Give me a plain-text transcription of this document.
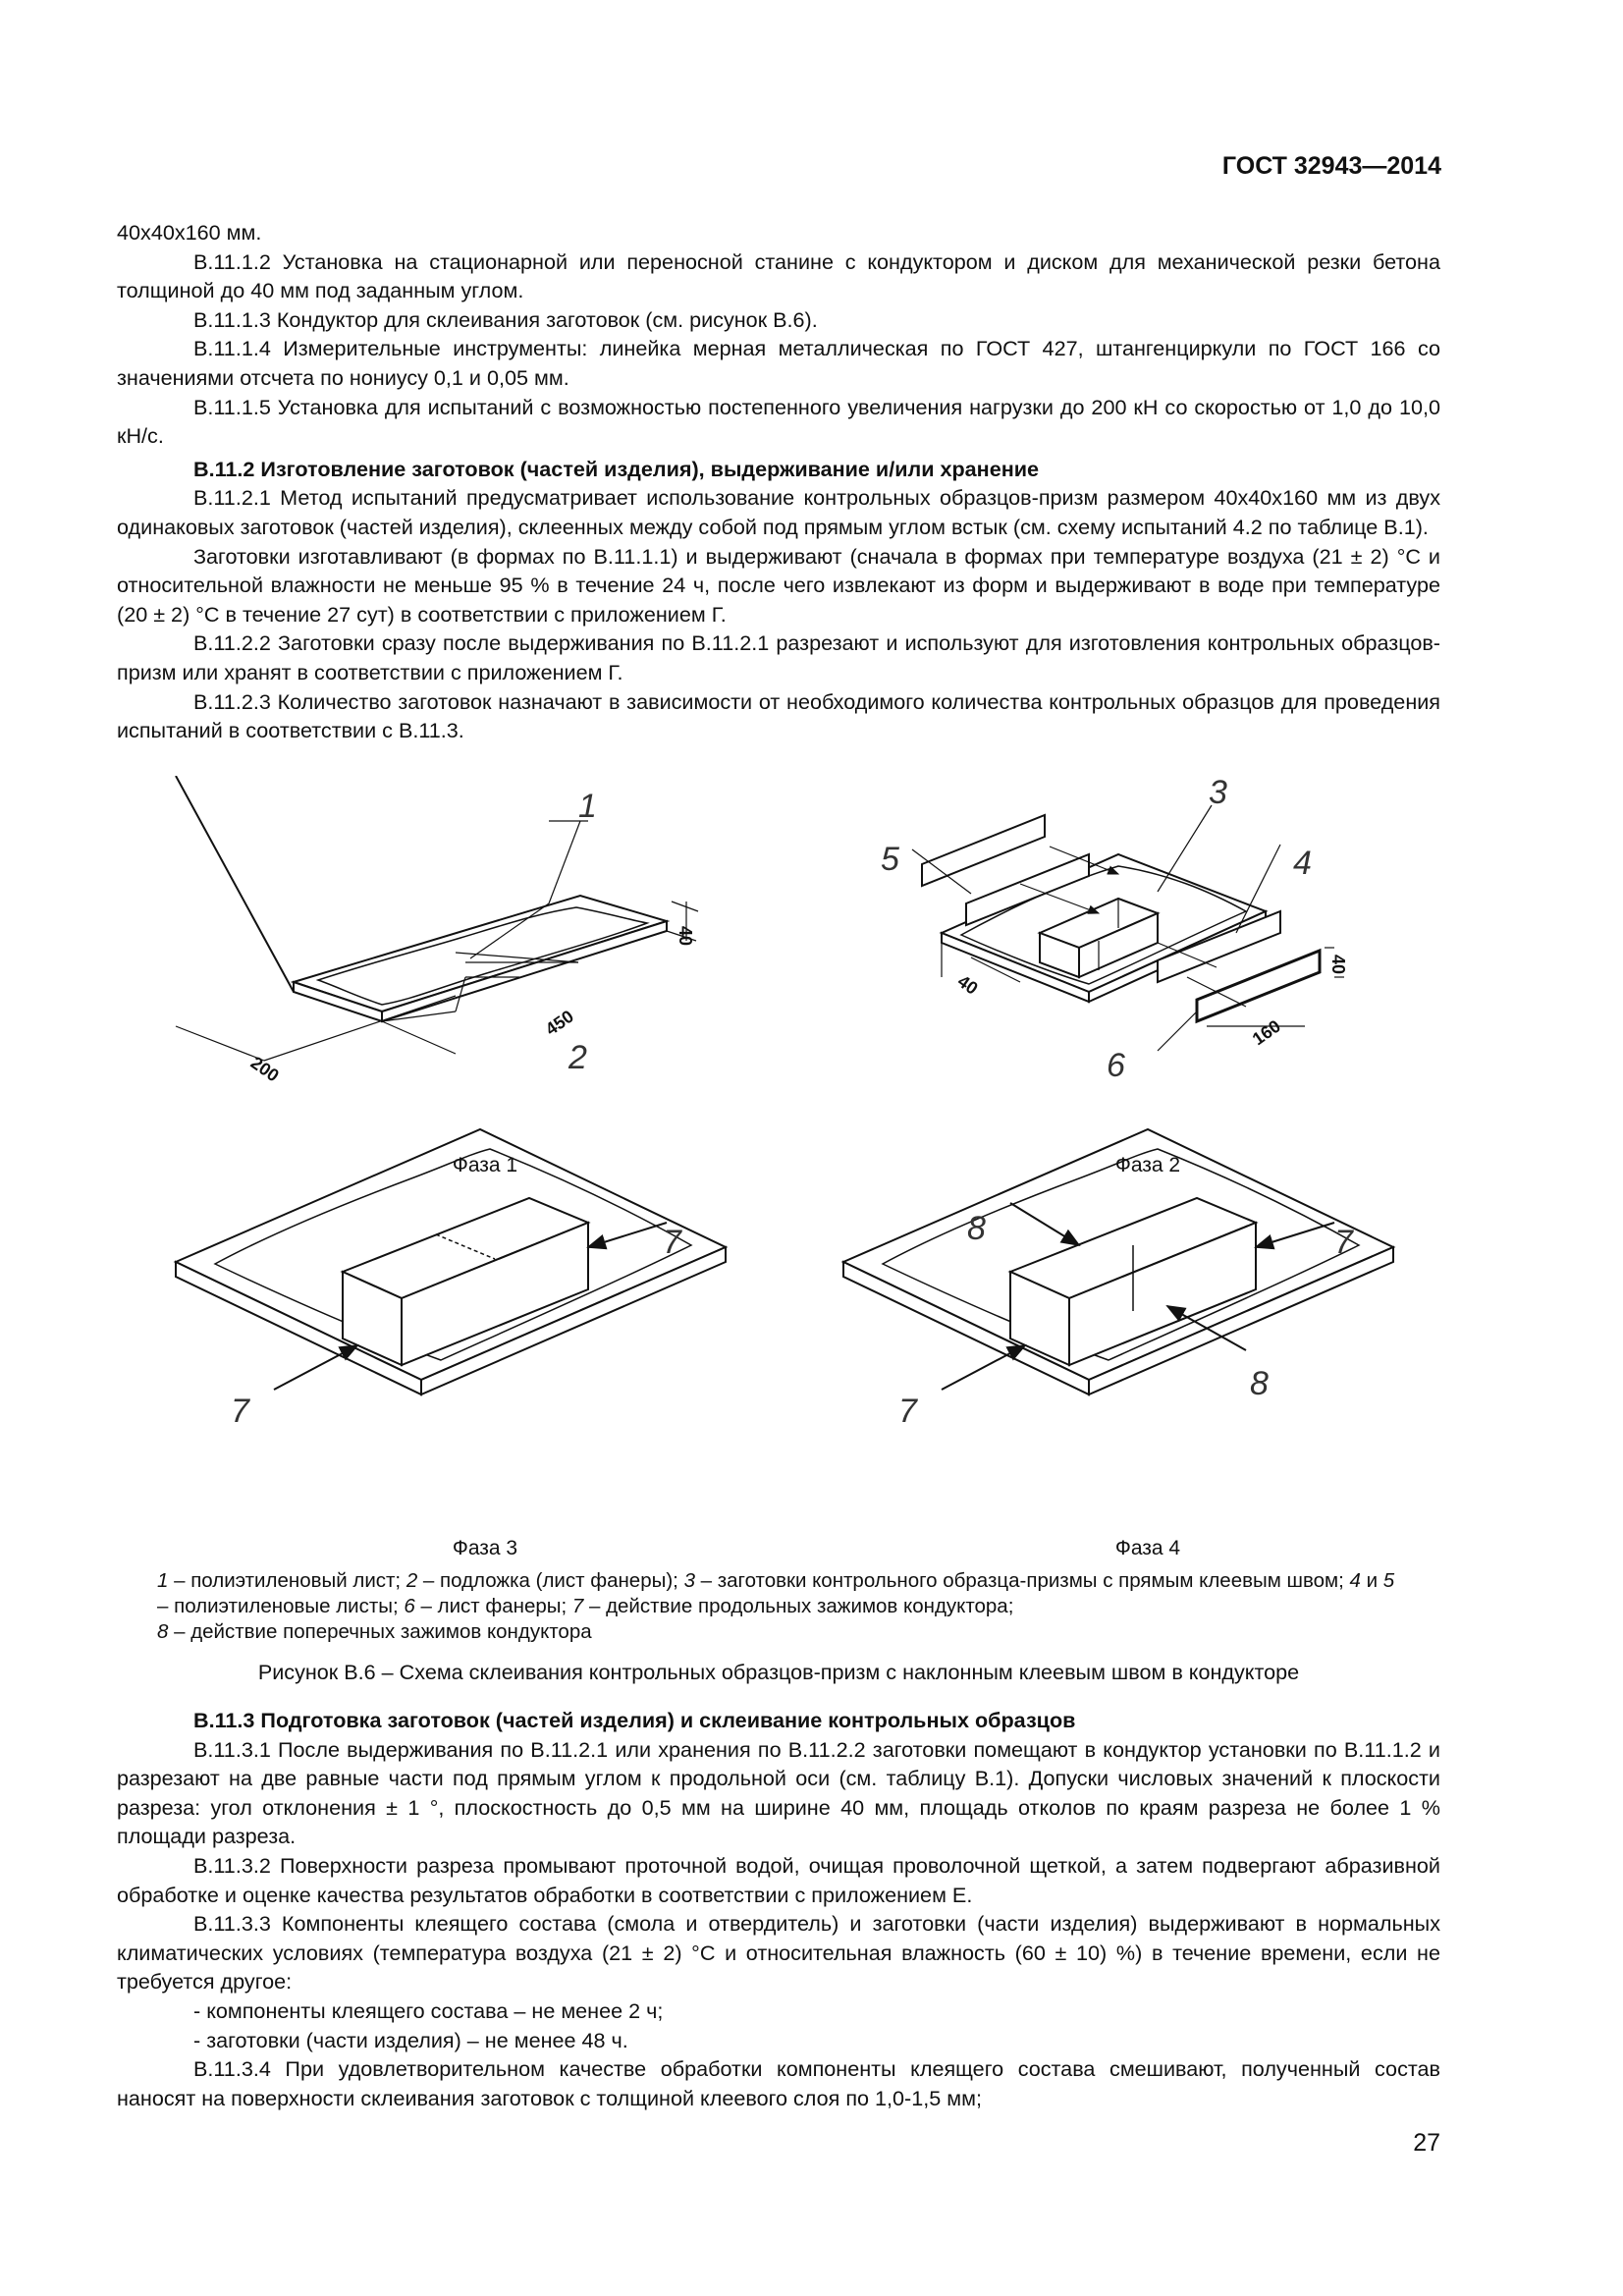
ГОСТ 32943—2014

40х40х160 мм.

В.11.1.2 Установка на стационарной или переносной станине с кондуктором и диском для механической резки бетона толщиной до 40 мм под заданным углом.

В.11.1.3 Кондуктор для склеивания заготовок (см. рисунок В.6).

В.11.1.4 Измерительные инструменты: линейка мерная металлическая по ГОСТ 427, штангенциркули по ГОСТ 166 со значениями отсчета по нониусу 0,1 и 0,05 мм.

В.11.1.5 Установка для испытаний с возможностью постепенного увеличения нагрузки до 200 кН со скоростью от 1,0 до 10,0 кН/с.

В.11.2 Изготовление заготовок (частей изделия), выдерживание и/или хранение

В.11.2.1 Метод испытаний предусматривает использование контрольных образцов-призм размером 40х40х160 мм из двух одинаковых заготовок (частей изделия), склеенных между собой под прямым углом встык (см. схему испытаний 4.2 по таблице В.1).

Заготовки изготавливают (в формах по В.11.1.1) и выдерживают (сначала в формах при температуре воздуха (21 ± 2) °С и относительной влажности не меньше 95 % в течение 24 ч, после чего извлекают из форм и выдерживают в воде при температуре (20 ± 2) °С в течение 27 сут) в соответствии с приложением Г.

В.11.2.2 Заготовки сразу после выдерживания по В.11.2.1 разрезают и используют для изготовления контрольных образцов-призм или хранят в соответствии с приложением Г.

В.11.2.3 Количество заготовок назначают в зависимости от необходимого количества контрольных образцов для проведения испытаний в соответствии с В.11.3.

1
2
3
4
5
6
7
7
7
7
8
8
40
450
200
40
40
160
Фаза 1	Фаза 2
Фаза 3	Фаза 4
1 – полиэтиленовый лист; 2 – подложка (лист фанеры); 3 – заготовки контрольного образца-призмы с прямым клеевым швом; 4 и 5 – полиэтиленовые листы; 6 – лист фанеры; 7 – действие продольных зажимов кондуктора;
8 – действие поперечных зажимов кондуктора
Рисунок В.6 – Схема склеивания контрольных образцов-призм с наклонным клеевым швом в кондукторе

В.11.3 Подготовка заготовок (частей изделия) и склеивание контрольных образцов

В.11.3.1 После выдерживания по В.11.2.1 или хранения по В.11.2.2 заготовки помещают в кондуктор установки по В.11.1.2 и разрезают на две равные части под прямым углом к продольной оси (см. таблицу В.1). Допуски числовых значений к плоскости разреза: угол отклонения ± 1 °, плоскостность до 0,5 мм на ширине 40 мм, площадь отколов по краям разреза не более 1 % площади разреза.

В.11.3.2 Поверхности разреза промывают проточной водой, очищая проволочной щеткой, а затем подвергают абразивной обработке и оценке качества результатов обработки в соответствии с приложением Е.

В.11.3.3 Компоненты клеящего состава (смола и отвердитель) и заготовки (части изделия) выдерживают в нормальных климатических условиях (температура воздуха (21 ± 2) °С и относительная влажность (60 ± 10) %) в течение времени, если не требуется другое:

- компоненты клеящего состава – не менее 2 ч;

- заготовки (части изделия) – не менее 48 ч.

В.11.3.4 При удовлетворительном качестве обработки компоненты клеящего состава смешивают, полученный состав наносят на поверхности склеивания заготовок с толщиной клеевого слоя по 1,0-1,5 мм;

27
